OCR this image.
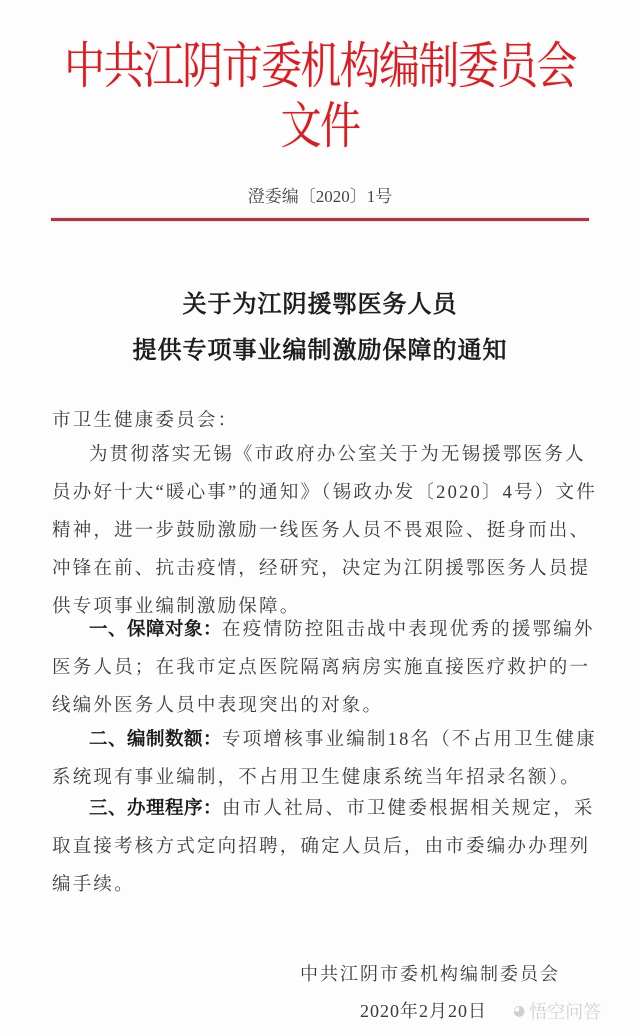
中共江阴市委机构编制委员会文件
澄委编〔2020〕1号
关于为江阴援鄂医务人员
提供专项事业编制激励保障的通知
市卫生健康委员会：
为贯彻落实无锡《市政府办公室关于为无锡援鄂医务人员办好十大“暖心事”的通知》（锡政办发〔2020〕4号）文件精神，进一步鼓励激励一线医务人员不畏艰险、挺身而出、冲锋在前、抗击疫情，经研究，决定为江阴援鄂医务人员提供专项事业编制激励保障。
一、保障对象：在疫情防控阻击战中表现优秀的援鄂编外医务人员；在我市定点医院隔离病房实施直接医疗救护的一线编外医务人员中表现突出的对象。
二、编制数额：专项增核事业编制18名（不占用卫生健康系统现有事业编制，不占用卫生健康系统当年招录名额）。
三、办理程序：由市人社局、市卫健委根据相关规定，采取直接考核方式定向招聘，确定人员后，由市委编办办理列编手续。
中共江阴市委机构编制委员会
2020年2月20日 ◕ 悟空问答
